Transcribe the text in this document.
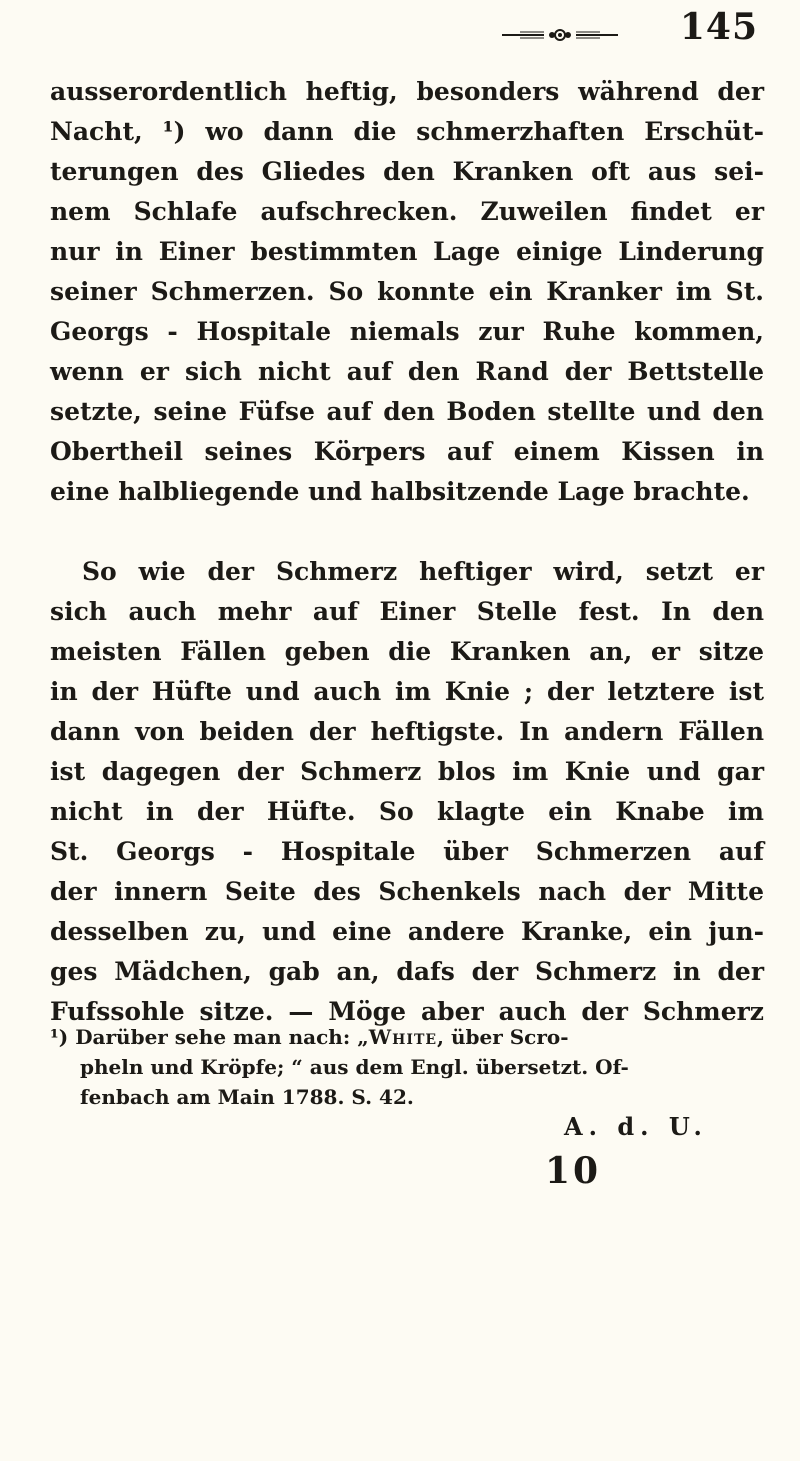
145

ausserordentlich heftig, besonders während der

Nacht, ¹) wo dann die schmerzhaften Erschüt-

terungen des Gliedes den Kranken oft aus sei-

nem Schlafe aufschrecken. Zuweilen findet er

nur in Einer bestimmten Lage einige Linderung

seiner Schmerzen. So konnte ein Kranker im St.

Georgs - Hospitale niemals zur Ruhe kommen,

wenn er sich nicht auf den Rand der Bettstelle

setzte, seine Füfse auf den Boden stellte und den

Obertheil seines Körpers auf einem Kissen in

eine halbliegende und halbsitzende Lage brachte.

So wie der Schmerz heftiger wird, setzt er

sich auch mehr auf Einer Stelle fest. In den

meisten Fällen geben die Kranken an, er sitze

in der Hüfte und auch im Knie ; der letztere ist

dann von beiden der heftigste. In andern Fällen

ist dagegen der Schmerz blos im Knie und gar

nicht in der Hüfte. So klagte ein Knabe im

St. Georgs - Hospitale über Schmerzen auf

der innern Seite des Schenkels nach der Mitte

desselben zu, und eine andere Kranke, ein jun-

ges Mädchen, gab an, dafs der Schmerz in der

Fufssohle sitze. — Möge aber auch der Schmerz

¹) Darüber sehe man nach: „White, über Scro-

pheln und Kröpfe; “ aus dem Engl. übersetzt. Of-

fenbach am Main 1788. S. 42.

A. d. U.
10
